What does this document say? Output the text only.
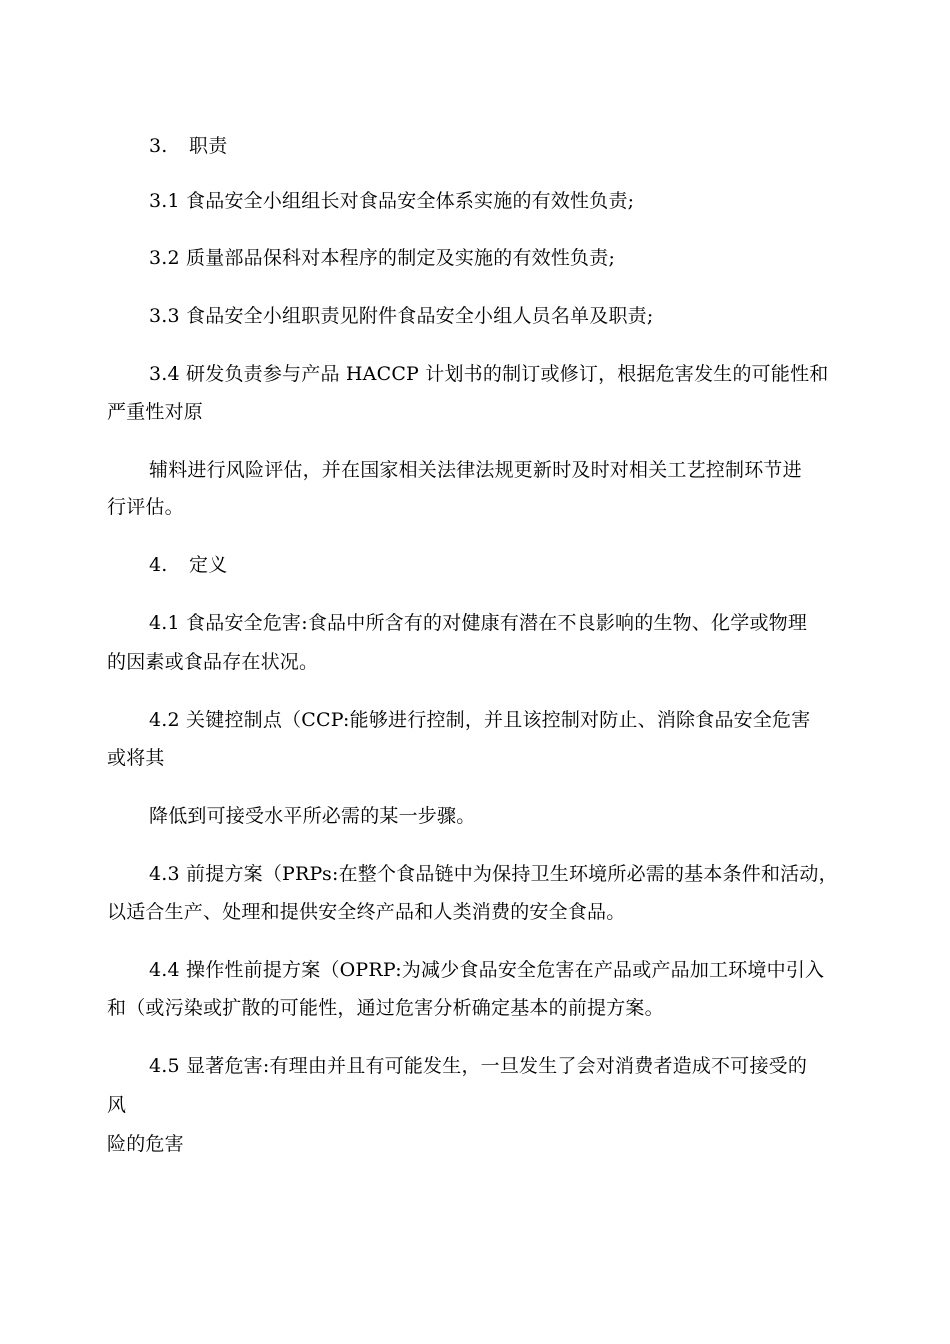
3. 职责
3.1 食品安全小组组长对食品安全体系实施的有效性负责;
3.2 质量部品保科对本程序的制定及实施的有效性负责;
3.3 食品安全小组职责见附件食品安全小组人员名单及职责;
3.4 研发负责参与产品 HACCP 计划书的制订或修订，根据危害发生的可能性和
严重性对原
辅料进行风险评估，并在国家相关法律法规更新时及时对相关工艺控制环节进
行评估。
4. 定义
4.1 食品安全危害:食品中所含有的对健康有潜在不良影响的生物、化学或物理
的因素或食品存在状况。
4.2 关键控制点（CCP:能够进行控制，并且该控制对防止、消除食品安全危害
或将其
降低到可接受水平所必需的某一步骤。
4.3 前提方案（PRPs:在整个食品链中为保持卫生环境所必需的基本条件和活动，
以适合生产、处理和提供安全终产品和人类消费的安全食品。
4.4 操作性前提方案（OPRP:为减少食品安全危害在产品或产品加工环境中引入
和（或污染或扩散的可能性，通过危害分析确定基本的前提方案。
4.5 显著危害:有理由并且有可能发生，一旦发生了会对消费者造成不可接受的
风
险的危害
